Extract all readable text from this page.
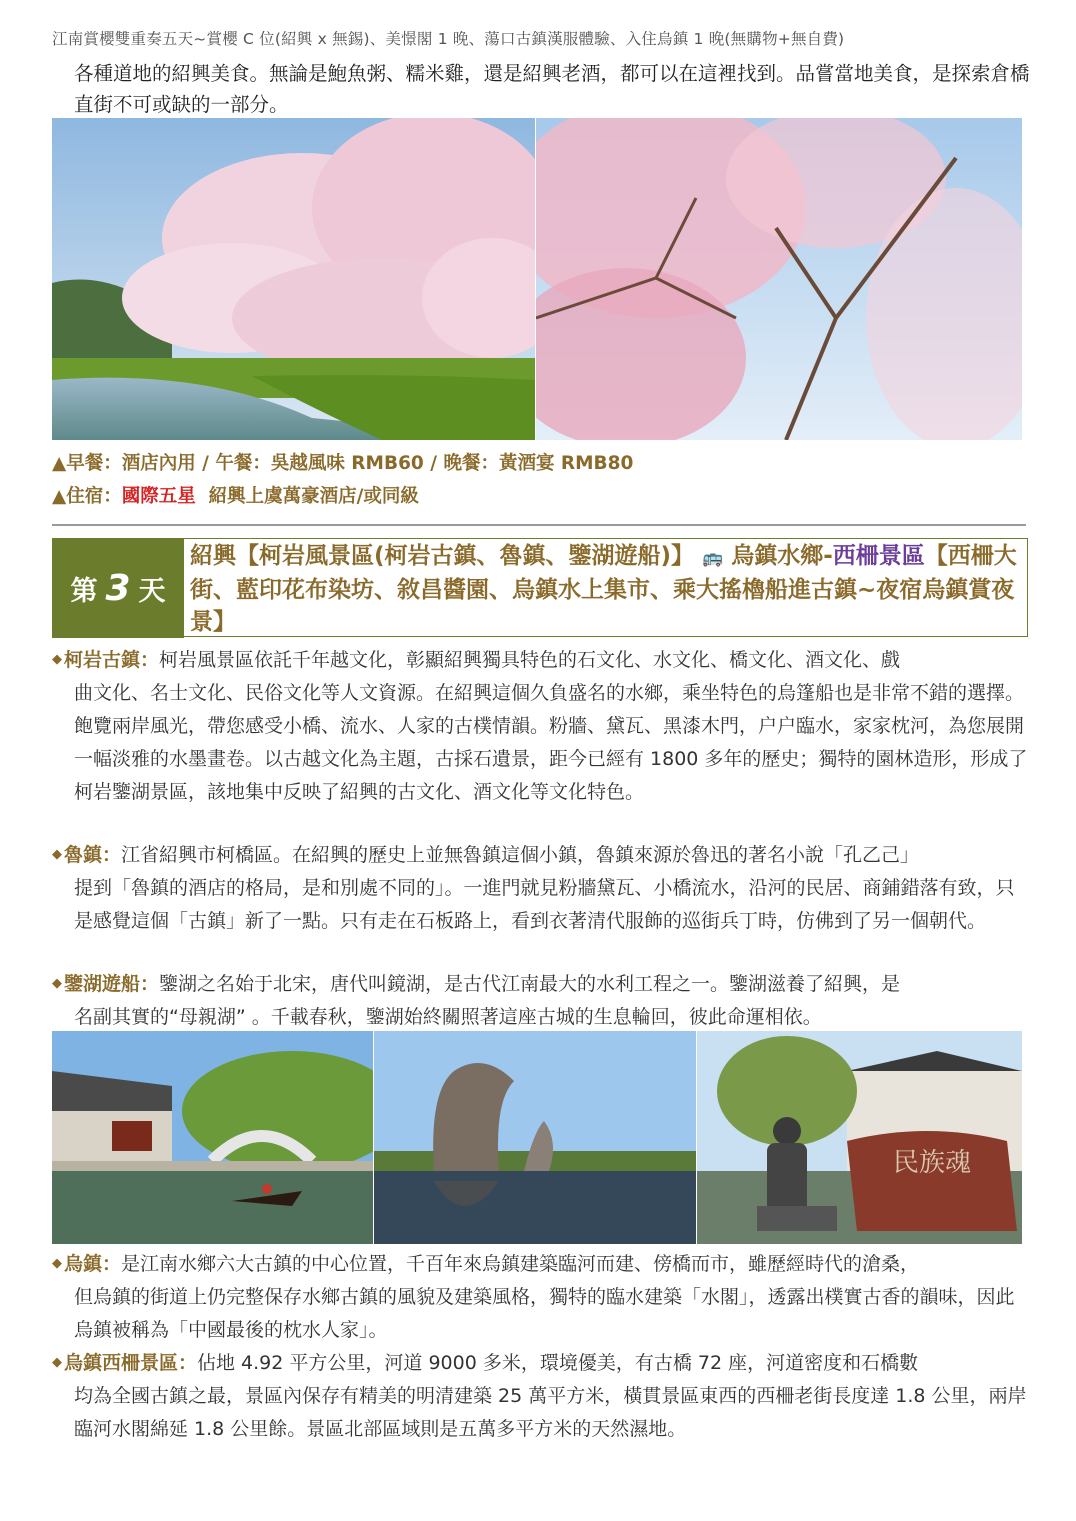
江南賞櫻雙重奏五天~賞櫻 C 位(紹興 x 無錫)、美憬閣 1 晚、蕩口古鎮漢服體驗、入住烏鎮 1 晚(無購物+無自費)
各種道地的紹興美食。無論是鮑魚粥、糯米雞，還是紹興老酒，都可以在這裡找到。品嘗當地美食，是探索倉橋直街不可或缺的一部分。
▲早餐：酒店內用 / 午餐：吳越風味 RMB60 / 晚餐：黃酒宴 RMB80
▲住宿：國際五星 紹興上虞萬豪酒店/或同級
第 3 天
紹興【柯岩風景區(柯岩古鎮、魯鎮、鑒湖遊船)】 🚌 烏鎮水鄉-西柵景區【西柵大街、藍印花布染坊、敘昌醬園、烏鎮水上集市、乘大搖櫓船進古鎮~夜宿烏鎮賞夜景】
◆ 柯岩古鎮：柯岩風景區依託千年越文化，彰顯紹興獨具特色的石文化、水文化、橋文化、酒文化、戲
曲文化、名士文化、民俗文化等人文資源。在紹興這個久負盛名的水鄉，乘坐特色的烏篷船也是非常不錯的選擇。飽覽兩岸風光，帶您感受小橋、流水、人家的古樸情韻。粉牆、黛瓦、黑漆木門，户户臨水，家家枕河，為您展開一幅淡雅的水墨畫卷。以古越文化為主題，古採石遺景，距今已經有 1800 多年的歷史；獨特的園林造形，形成了柯岩鑒湖景區，該地集中反映了紹興的古文化、酒文化等文化特色。
◆ 魯鎮：江省紹興市柯橋區。在紹興的歷史上並無魯鎮這個小鎮，魯鎮來源於魯迅的著名小說「孔乙己」
提到「魯鎮的酒店的格局，是和別處不同的」。一進門就見粉牆黛瓦、小橋流水，沿河的民居、商鋪錯落有致，只是感覺這個「古鎮」新了一點。只有走在石板路上，看到衣著清代服飾的巡街兵丁時，仿佛到了另一個朝代。
◆ 鑒湖遊船：鑒湖之名始于北宋，唐代叫鏡湖，是古代江南最大的水利工程之一。鑒湖滋養了紹興，是
名副其實的“母親湖” 。千載春秋，鑒湖始終關照著這座古城的生息輪回，彼此命運相依。
民族魂
◆ 烏鎮：是江南水鄉六大古鎮的中心位置，千百年來烏鎮建築臨河而建、傍橋而市，雖歷經時代的滄桑，
但烏鎮的街道上仍完整保存水鄉古鎮的風貌及建築風格，獨特的臨水建築「水閣」，透露出樸實古香的韻味，因此烏鎮被稱為「中國最後的枕水人家」。
◆ 烏鎮西柵景區：佔地 4.92 平方公里，河道 9000 多米，環境優美，有古橋 72 座，河道密度和石橋數
均為全國古鎮之最，景區內保存有精美的明清建築 25 萬平方米，橫貫景區東西的西柵老街長度達 1.8 公里，兩岸臨河水閣綿延 1.8 公里餘。景區北部區域則是五萬多平方米的天然濕地。
